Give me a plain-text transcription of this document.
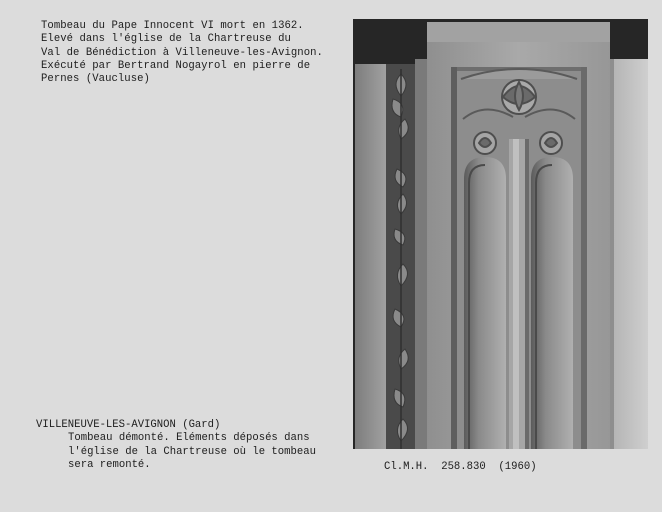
Tombeau du Pape Innocent VI mort en 1362.
Elevé dans l'église de la Chartreuse du
Val de Bénédiction à Villeneuve-les-Avignon.
Exécuté par Bertrand Nogayrol en pierre de
Pernes (Vaucluse)
VILLENEUVE-LES-AVIGNON (Gard)
Tombeau démonté. Eléments déposés dans
l'église de la Chartreuse où le tombeau
sera remonté.	Cl.M.H.  258.830  (1960)
